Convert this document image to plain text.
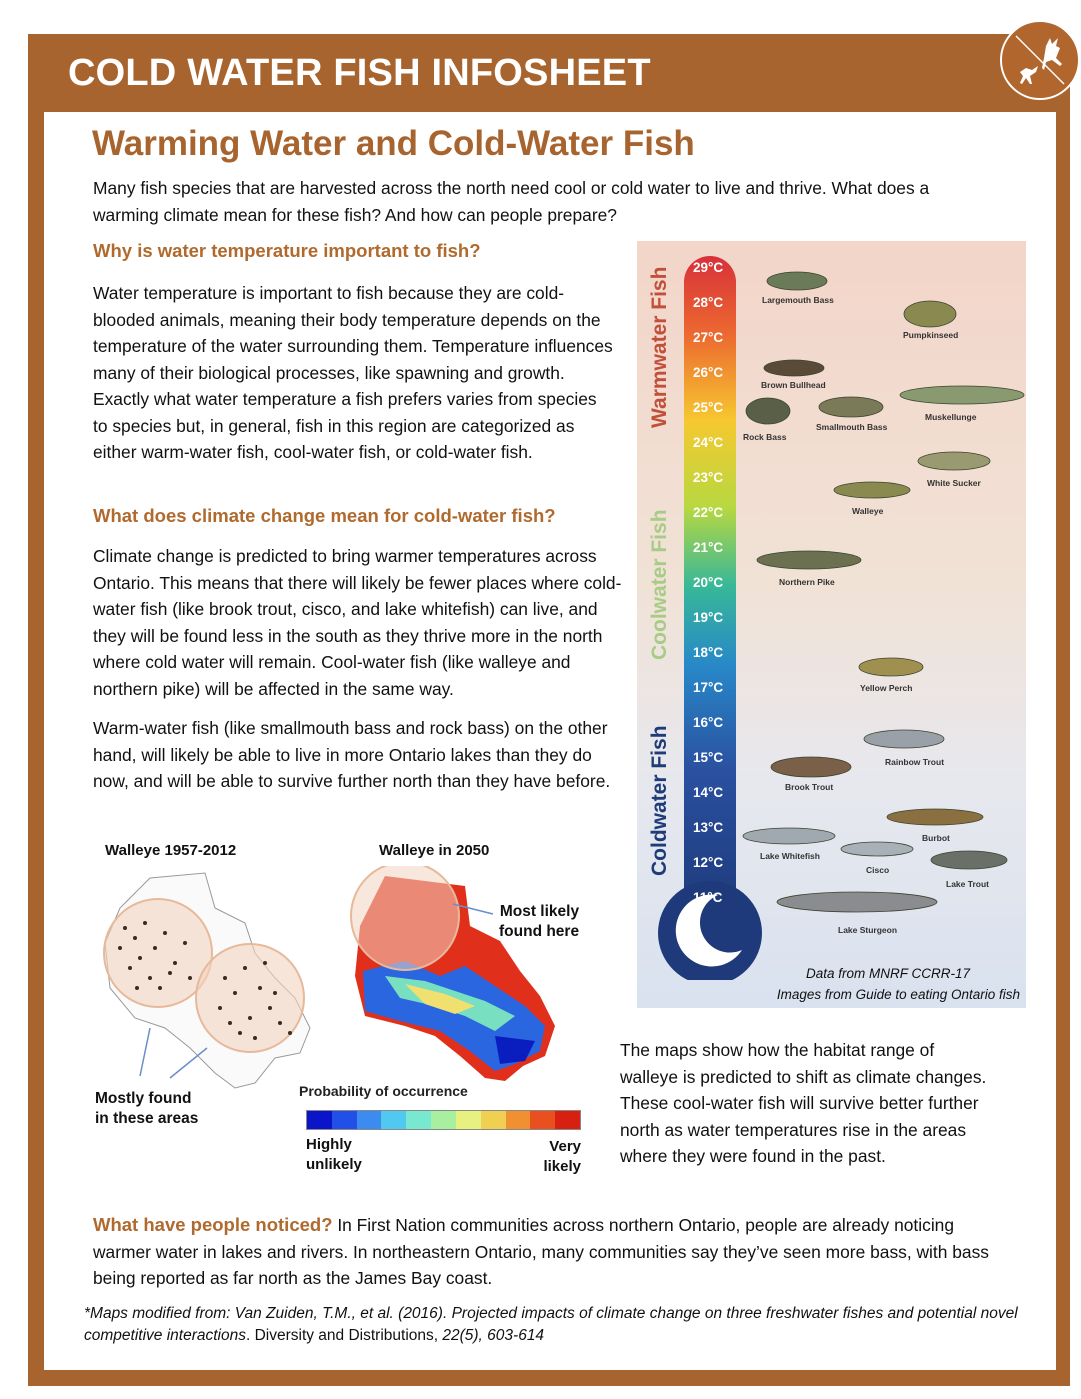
COLD WATER FISH INFOSHEET
Warming Water and Cold-Water Fish
Many fish species that are harvested across the north need cool or cold water to live and thrive. What does a warming climate mean for these fish? And how can people prepare?
Why is water temperature important to fish?
Water temperature is important to fish because they are cold-blooded animals, meaning their body temperature depends on the temperature of the water surrounding them. Temperature influences many of their biological processes, like spawning and growth. Exactly what water temperature a fish prefers varies from species to species but, in general, fish in this region are categorized as either warm-water fish, cool-water fish, or cold-water fish.
What does climate change mean for cold-water fish?
Climate change is predicted to bring warmer temperatures across Ontario. This means that there will likely be fewer places where cold-water fish (like brook trout, cisco, and lake whitefish) can live, and they will be found less in the south as they thrive more in the north where cold water will remain. Cool-water fish (like walleye and northern pike) will be affected in the same way.
Warm-water fish (like smallmouth bass and rock bass) on the other hand, will likely be able to live in more Ontario lakes than they do now, and will be able to survive further north than they have before.
Walleye 1957-2012	Walleye in 2050
Mostly found
in these areas
Most likely
found here
Probability of occurrence
Highly
unlikely
Very
likely
The maps show how the habitat range of walleye is predicted to shift as climate changes. These cool-water fish will survive better further north as water temperatures rise in the areas where they were found in the past.
29°C
28°C
27°C
26°C
25°C
24°C
23°C
22°C
21°C
20°C
19°C
18°C
17°C
16°C
15°C
14°C
13°C
12°C
11°C
Warmwater Fish
Coolwater Fish
Coldwater Fish
Largemouth Bass
Pumpkinseed
Brown Bullhead
Muskellunge
Rock Bass
Smallmouth Bass
White Sucker
Walleye
Northern Pike
Yellow Perch
Rainbow Trout
Brook Trout
Burbot
Lake Whitefish
Cisco
Lake Trout
Lake Sturgeon
Data from MNRF CCRR-17
Images from Guide to eating Ontario fish
What have people noticed? In First Nation communities across northern Ontario, people are already noticing warmer water in lakes and rivers. In northeastern Ontario, many communities say they’ve seen more bass, with bass being reported as far north as the James Bay coast.
*Maps modified from: Van Zuiden, T.M., et al. (2016). Projected impacts of climate change on three freshwater fishes and potential novel competitive interactions. Diversity and Distributions, 22(5), 603-614
